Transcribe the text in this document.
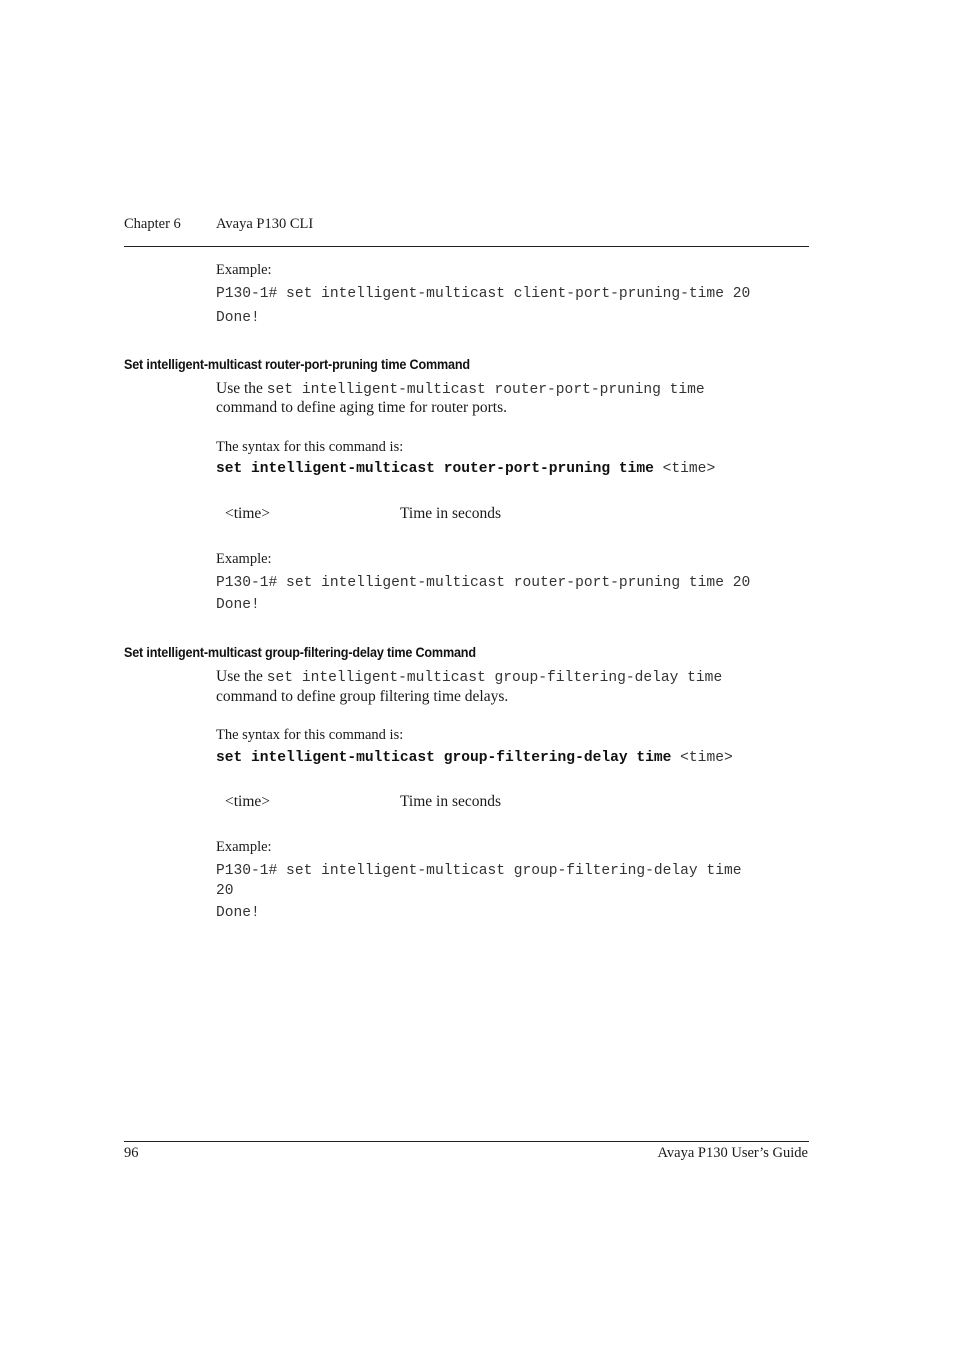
Chapter 6 Avaya P130 CLI
Example:
P130-1# set intelligent-multicast client-port-pruning-time 20
Done!
Set intelligent-multicast router-port-pruning time Command
Use the set intelligent-multicast router-port-pruning time
command to define aging time for router ports.
The syntax for this command is:
set intelligent-multicast router-port-pruning time <time>
<time>	Time in seconds
Example:
P130-1# set intelligent-multicast router-port-pruning time 20
Done!
Set intelligent-multicast group-filtering-delay time Command
Use the set intelligent-multicast group-filtering-delay time
command to define group filtering time delays.
The syntax for this command is:
set intelligent-multicast group-filtering-delay time <time>
<time>	Time in seconds
Example:
P130-1# set intelligent-multicast group-filtering-delay time
20
Done!
96	Avaya P130 User’s Guide
